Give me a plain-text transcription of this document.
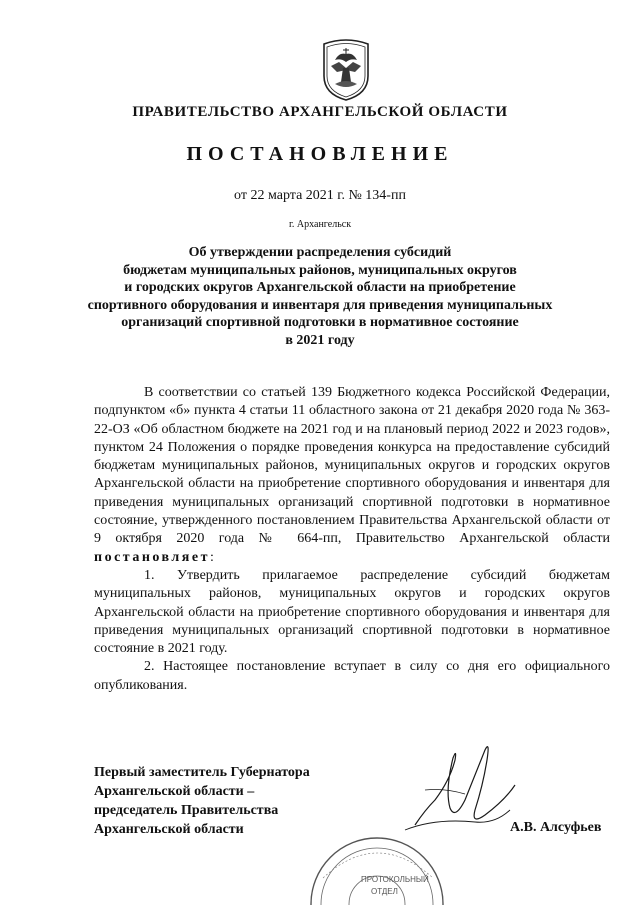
ПРАВИТЕЛЬСТВО АРХАНГЕЛЬСКОЙ ОБЛАСТИ
ПОСТАНОВЛЕНИЕ
от 22 марта 2021 г. № 134-пп
г. Архангельск
Об утверждении распределения субсидий
бюджетам муниципальных районов, муниципальных округов
и городских округов Архангельской области на приобретение
спортивного оборудования и инвентаря для приведения муниципальных
организаций спортивной подготовки в нормативное состояние
в 2021 году

В соответствии со статьей 139 Бюджетного кодекса Российской Федерации, подпунктом «б» пункта 4 статьи 11 областного закона от 21 декабря 2020 года № 363-22-ОЗ «Об областном бюджете на 2021 год и на плановый период 2022 и 2023 годов», пунктом 24 Положения о порядке проведения конкурса на предоставление субсидий бюджетам муниципальных районов, муниципальных округов и городских округов Архангельской области на приобретение спортивного оборудования и инвентаря для приведения муниципальных организаций спортивной подготовки в нормативное состояние, утвержденного постановлением Правительства Архангельской области от 9 октября 2020 года № 664-пп, Правительство Архангельской области постановляет:

1. Утвердить прилагаемое распределение субсидий бюджетам муниципальных районов, муниципальных округов и городских округов Архангельской области на приобретение спортивного оборудования и инвентаря для приведения муниципальных организаций спортивной подготовки в нормативное состояние в 2021 году.

2. Настоящее постановление вступает в силу со дня его официального опубликования.

Первый заместитель Губернатора
Архангельской области –
председатель Правительства
Архангельской области	А.В. Алсуфьев
ПРОТОКОЛЬНЫЙ
ОТДЕЛ
